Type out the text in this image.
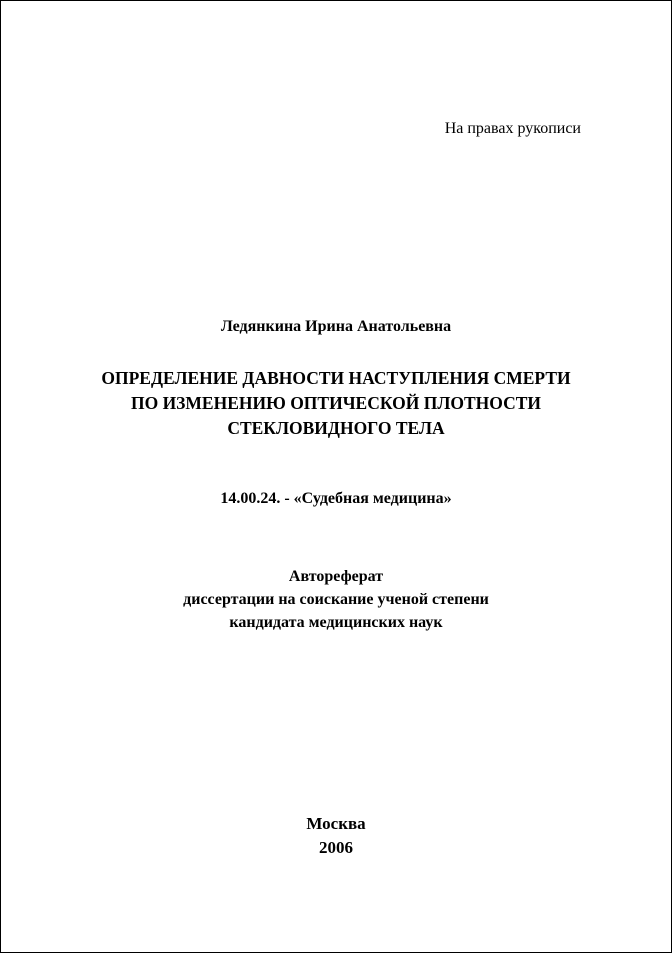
На правах рукописи
Ледянкина Ирина Анатольевна
ОПРЕДЕЛЕНИЕ ДАВНОСТИ НАСТУПЛЕНИЯ СМЕРТИ
ПО ИЗМЕНЕНИЮ ОПТИЧЕСКОЙ ПЛОТНОСТИ
СТЕКЛОВИДНОГО ТЕЛА
14.00.24. - «Судебная медицина»
Автореферат
диссертации на соискание ученой степени
кандидата медицинских наук
Москва
2006
